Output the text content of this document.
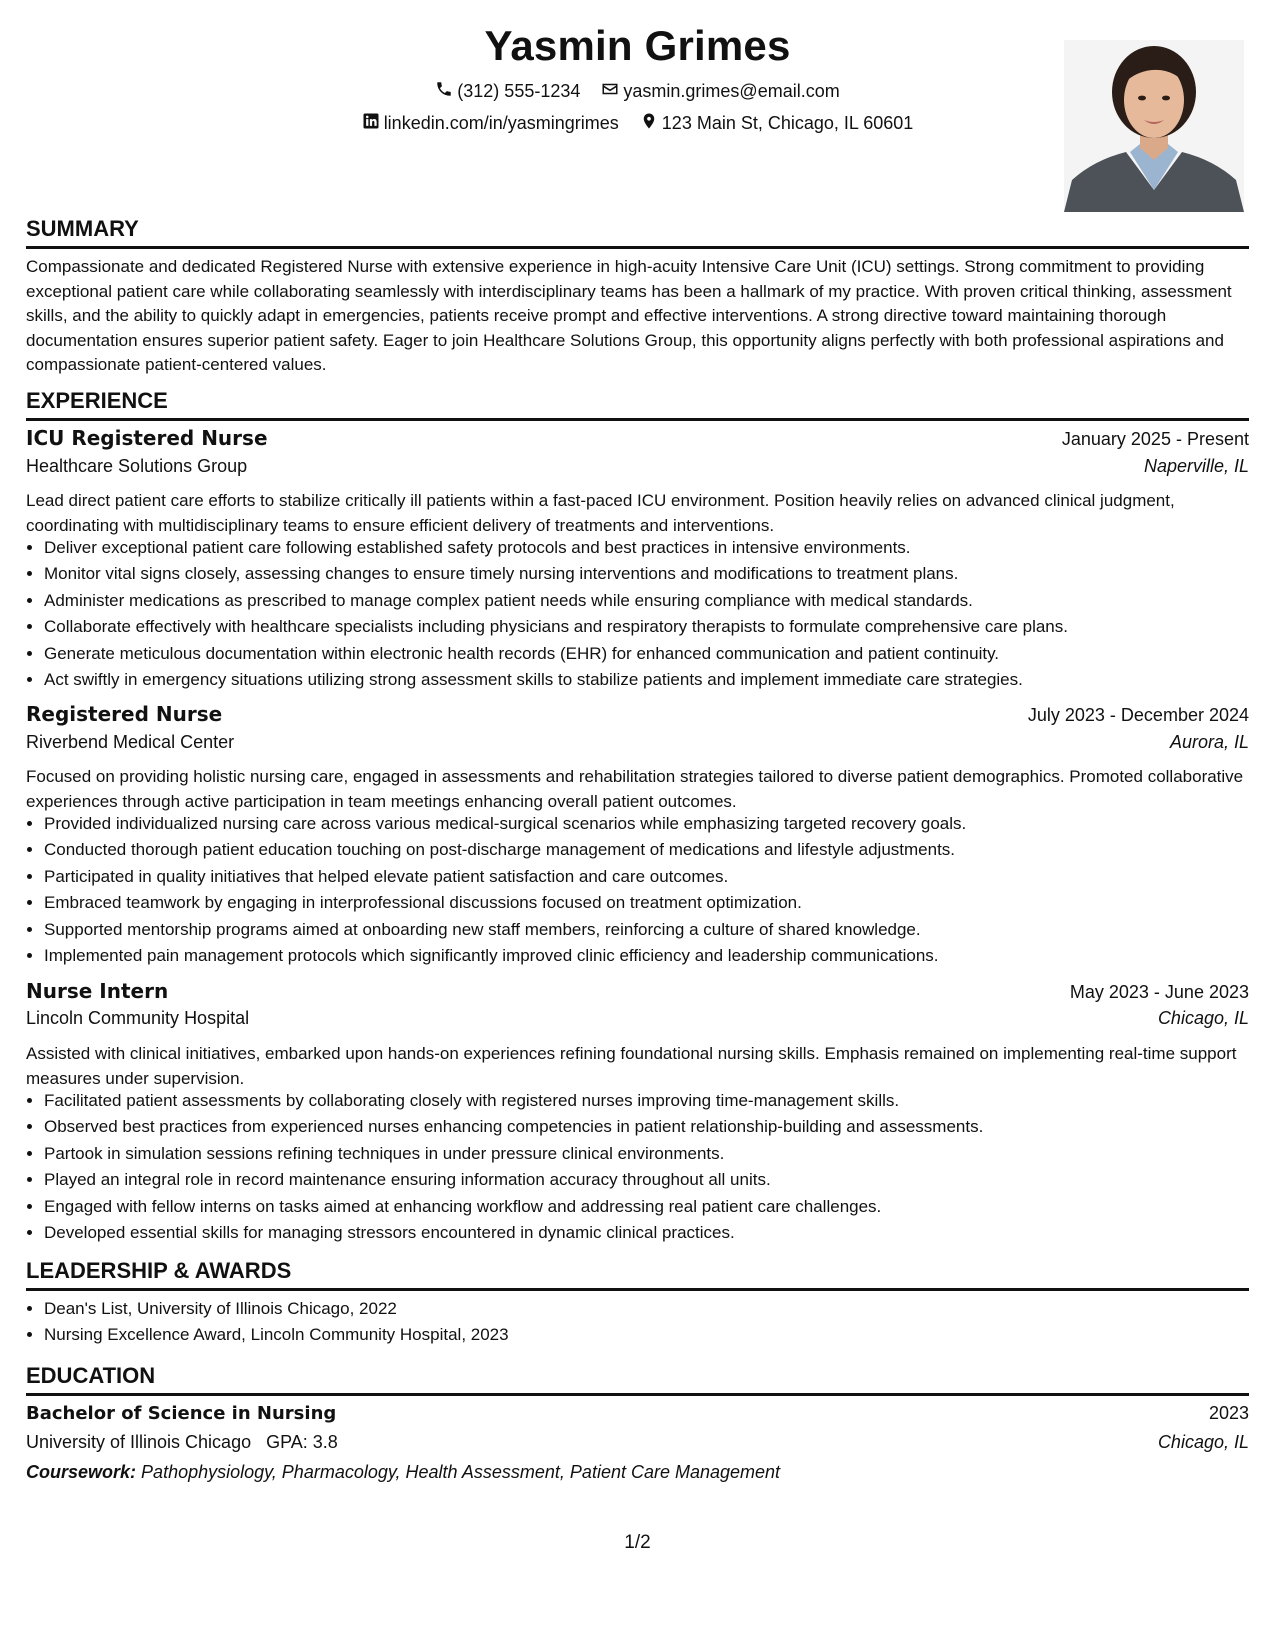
Yasmin Grimes
(312) 555-1234
yasmin.grimes@email.com
linkedin.com/in/yasmingrimes
123 Main St, Chicago, IL 60601
SUMMARY
Compassionate and dedicated Registered Nurse with extensive experience in high-acuity Intensive Care Unit (ICU) settings. Strong commitment to providing exceptional patient care while collaborating seamlessly with interdisciplinary teams has been a hallmark of my practice. With proven critical thinking, assessment skills, and the ability to quickly adapt in emergencies, patients receive prompt and effective interventions. A strong directive toward maintaining thorough documentation ensures superior patient safety. Eager to join Healthcare Solutions Group, this opportunity aligns perfectly with both professional aspirations and compassionate patient-centered values.
EXPERIENCE
ICU Registered Nurse	January 2025 - Present
Healthcare Solutions Group	Naperville, IL
Lead direct patient care efforts to stabilize critically ill patients within a fast-paced ICU environment. Position heavily relies on advanced clinical judgment, coordinating with multidisciplinary teams to ensure efficient delivery of treatments and interventions.
• Deliver exceptional patient care following established safety protocols and best practices in intensive environments.
• Monitor vital signs closely, assessing changes to ensure timely nursing interventions and modifications to treatment plans.
• Administer medications as prescribed to manage complex patient needs while ensuring compliance with medical standards.
• Collaborate effectively with healthcare specialists including physicians and respiratory therapists to formulate comprehensive care plans.
• Generate meticulous documentation within electronic health records (EHR) for enhanced communication and patient continuity.
• Act swiftly in emergency situations utilizing strong assessment skills to stabilize patients and implement immediate care strategies.
Registered Nurse	July 2023 - December 2024
Riverbend Medical Center	Aurora, IL
Focused on providing holistic nursing care, engaged in assessments and rehabilitation strategies tailored to diverse patient demographics. Promoted collaborative experiences through active participation in team meetings enhancing overall patient outcomes.
• Provided individualized nursing care across various medical-surgical scenarios while emphasizing targeted recovery goals.
• Conducted thorough patient education touching on post-discharge management of medications and lifestyle adjustments.
• Participated in quality initiatives that helped elevate patient satisfaction and care outcomes.
• Embraced teamwork by engaging in interprofessional discussions focused on treatment optimization.
• Supported mentorship programs aimed at onboarding new staff members, reinforcing a culture of shared knowledge.
• Implemented pain management protocols which significantly improved clinic efficiency and leadership communications.
Nurse Intern	May 2023 - June 2023
Lincoln Community Hospital	Chicago, IL
Assisted with clinical initiatives, embarked upon hands-on experiences refining foundational nursing skills. Emphasis remained on implementing real-time support measures under supervision.
• Facilitated patient assessments by collaborating closely with registered nurses improving time-management skills.
• Observed best practices from experienced nurses enhancing competencies in patient relationship-building and assessments.
• Partook in simulation sessions refining techniques in under pressure clinical environments.
• Played an integral role in record maintenance ensuring information accuracy throughout all units.
• Engaged with fellow interns on tasks aimed at enhancing workflow and addressing real patient care challenges.
• Developed essential skills for managing stressors encountered in dynamic clinical practices.
LEADERSHIP & AWARDS
• Dean's List, University of Illinois Chicago, 2022
• Nursing Excellence Award, Lincoln Community Hospital, 2023
EDUCATION
Bachelor of Science in Nursing	2023
University of Illinois Chicago GPA: 3.8	Chicago, IL
Coursework: Pathophysiology, Pharmacology, Health Assessment, Patient Care Management
1/2
